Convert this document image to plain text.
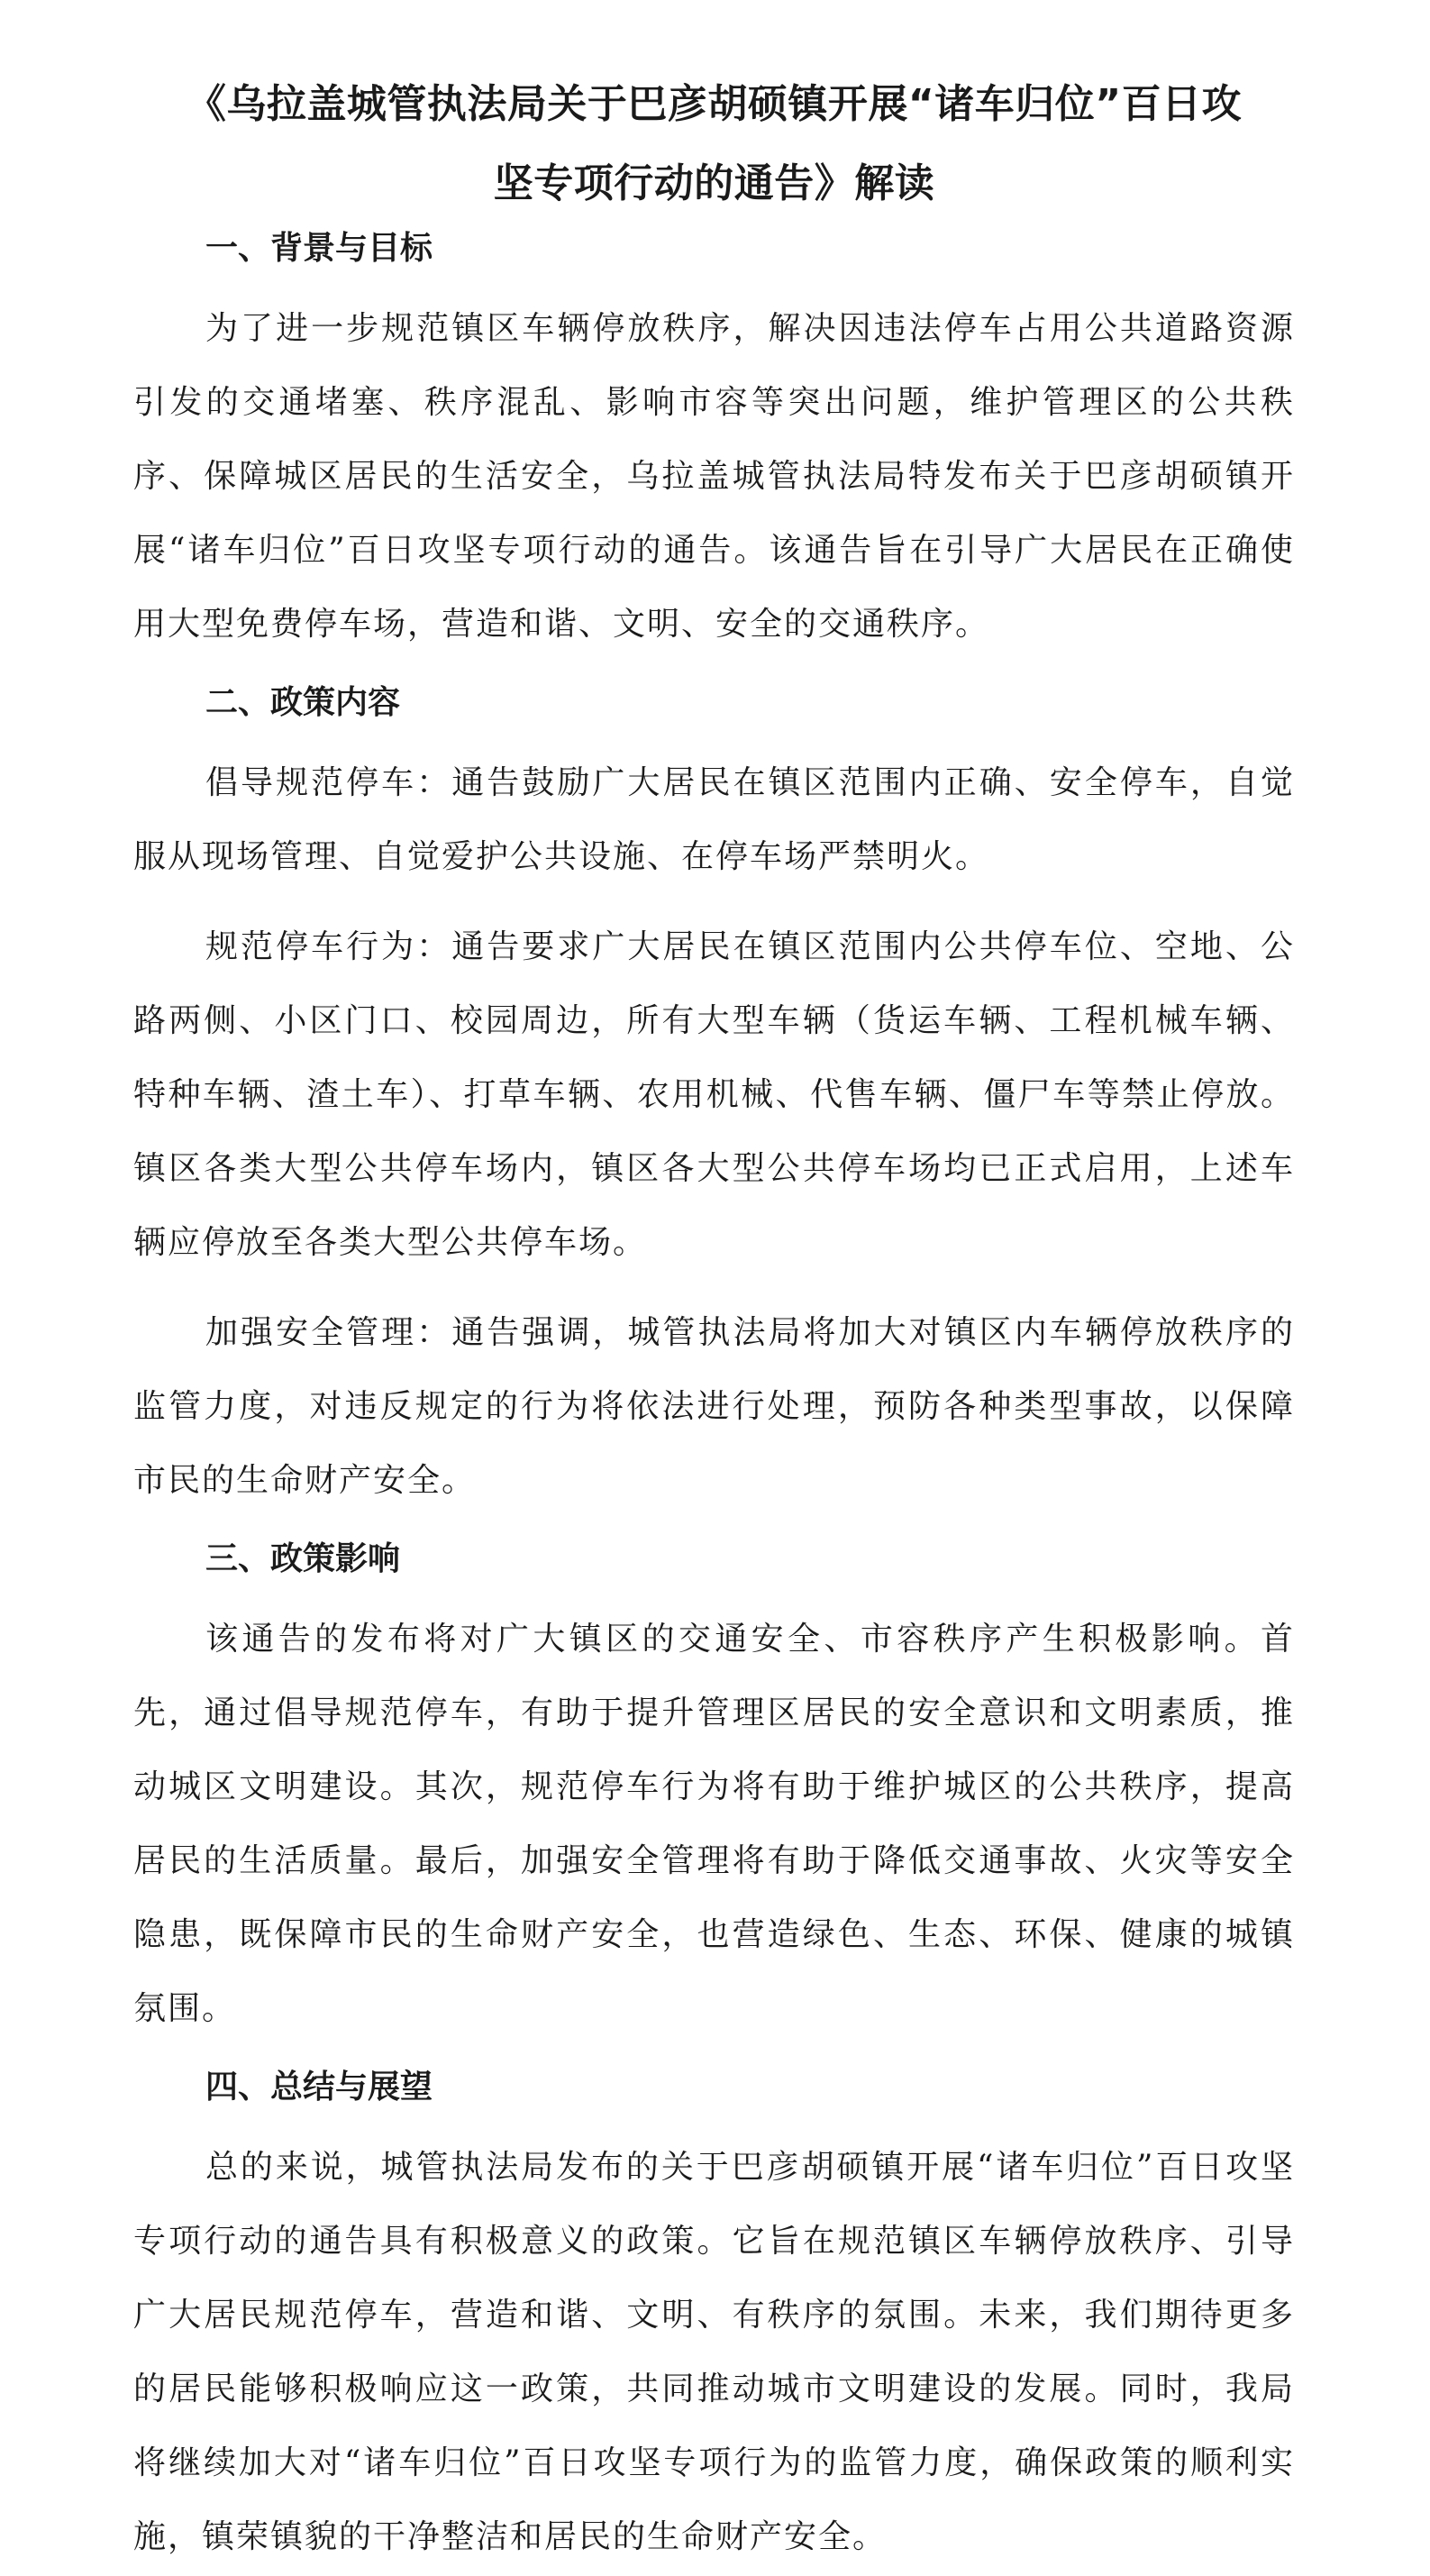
《乌拉盖城管执法局关于巴彦胡硕镇开展“诸车归位”百日攻
坚专项行动的通告》解读
一、背景与目标

为了进一步规范镇区车辆停放秩序，解决因违法停车占用公共道路资源引发的交通堵塞、秩序混乱、影响市容等突出问题，维护管理区的公共秩序、保障城区居民的生活安全，乌拉盖城管执法局特发布关于巴彦胡硕镇开展“诸车归位”百日攻坚专项行动的通告。该通告旨在引导广大居民在正确使用大型免费停车场，营造和谐、文明、安全的交通秩序。

二、政策内容

倡导规范停车：通告鼓励广大居民在镇区范围内正确、安全停车，自觉服从现场管理、自觉爱护公共设施、在停车场严禁明火。

规范停车行为：通告要求广大居民在镇区范围内公共停车位、空地、公路两侧、小区门口、校园周边，所有大型车辆（货运车辆、工程机械车辆、特种车辆、渣土车）、打草车辆、农用机械、代售车辆、僵尸车等禁止停放。镇区各类大型公共停车场内，镇区各大型公共停车场均已正式启用，上述车辆应停放至各类大型公共停车场。

加强安全管理：通告强调，城管执法局将加大对镇区内车辆停放秩序的监管力度，对违反规定的行为将依法进行处理，预防各种类型事故，以保障市民的生命财产安全。

三、政策影响

该通告的发布将对广大镇区的交通安全、市容秩序产生积极影响。首先，通过倡导规范停车，有助于提升管理区居民的安全意识和文明素质，推动城区文明建设。其次，规范停车行为将有助于维护城区的公共秩序，提高居民的生活质量。最后，加强安全管理将有助于降低交通事故、火灾等安全隐患，既保障市民的生命财产安全，也营造绿色、生态、环保、健康的城镇氛围。

四、总结与展望

总的来说，城管执法局发布的关于巴彦胡硕镇开展“诸车归位”百日攻坚专项行动的通告具有积极意义的政策。它旨在规范镇区车辆停放秩序、引导广大居民规范停车，营造和谐、文明、有秩序的氛围。未来，我们期待更多的居民能够积极响应这一政策，共同推动城市文明建设的发展。同时，我局将继续加大对“诸车归位”百日攻坚专项行为的监管力度，确保政策的顺利实施，镇荣镇貌的干净整洁和居民的生命财产安全。
